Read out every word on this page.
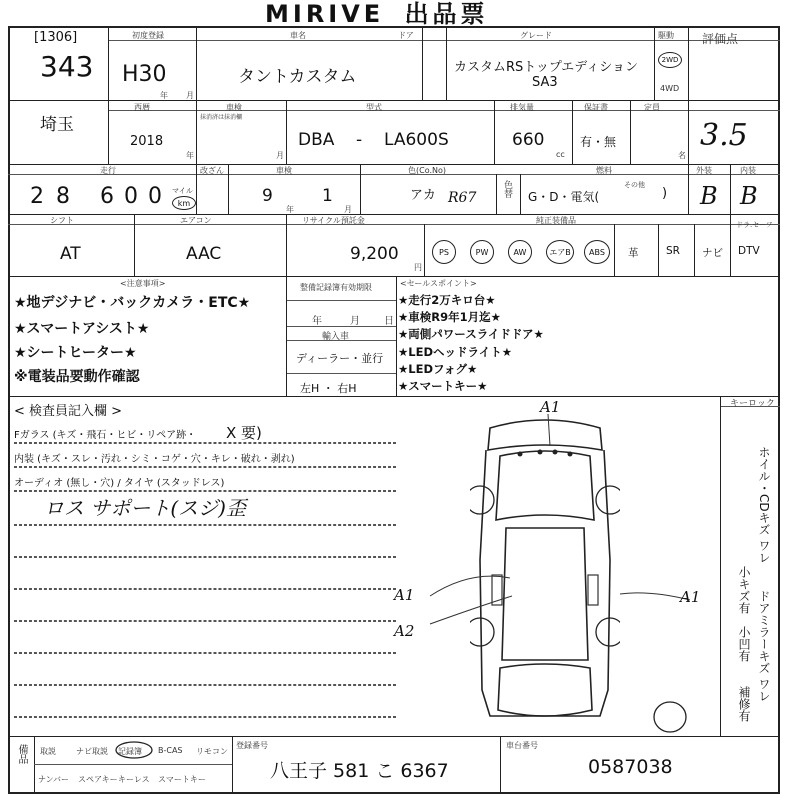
MIRIVE 出品票
[1306]
343
埼玉
初度登録
H30
年 月
車名
タントカスタム
ドア	グレード
カスタムRSトップエディション
SA3
駆動
2WD
4WD
評価点
3.5
西暦
2018
年
車検
抹消済は抹消欄
月
型式
DBA - LA600S
排気量
660
cc
保証書
有・無
定員
名
走行
2 8 6 0 0 マイル
km
改ざん	車検
9
年
1
月
色(Co.No)
アカ R67	色替
燃料
G・D・電気(
その他
)
外装	内装
B B
シフト
AT
エアコン
AAC
リサイクル預託金
9,200
円
純正装備品	ドラ.セーフ
PS	PW	AW	エアB	ABS	革	SR ナビ DTV
<注意事項>
★地デジナビ・バックカメラ・ETC★
★スマートアシスト★
★シートヒーター★
※電装品要動作確認
整備記録簿有効期限
年	月 日
輸入車
ディーラー・並行
左H ・ 右H
<セールスポイント>
★走行2万キロ台★
★車検R9年1月迄★
★両側パワースライドドア★
★LEDヘッドライト★
★LEDフォグ★
★スマートキー★
< 検査員記入欄 >
Fガラス (キズ・飛石・ヒビ・リペア跡・ X 要)
内装 (キズ・スレ・汚れ・シミ・コゲ・穴・キレ・破れ・剥れ)
オーディオ (無し・穴) / タイヤ (スタッドレス)
ロス サポート(スジ)歪
A1
A1
A2
A1
キーロック
ホイル・CDキズ ワレ
ドアミラーキズ ワレ
小キズ有
小凹有
補修有
備品 取説	ナビ取説 記録簿 B-CAS リモコン
ナンバー スペアキー キーレス スマートキー
登録番号
八王子 581 こ 6367
車台番号
0587038
